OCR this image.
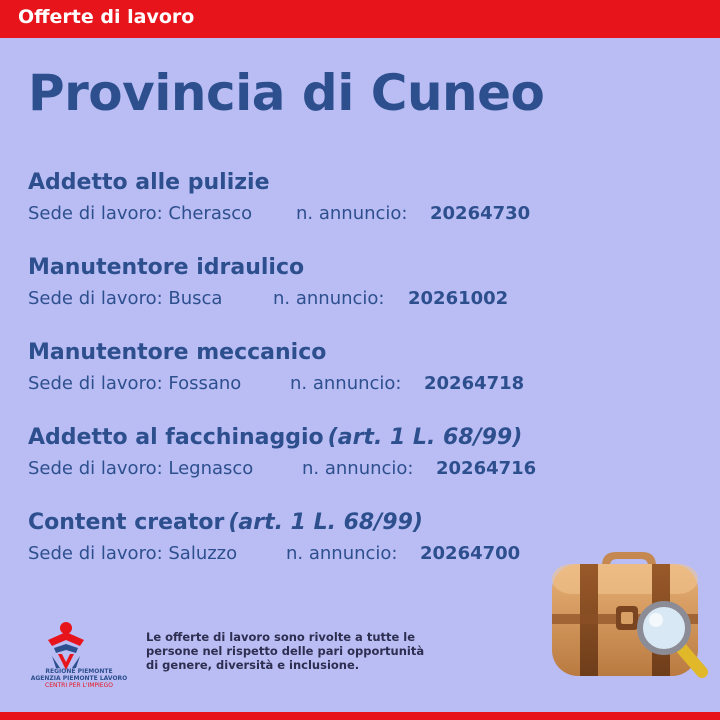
Offerte di lavoro
Provincia di Cuneo
Addetto alle pulizie
Sede di lavoro: Cherasco n. annuncio: 20264730
Manutentore idraulico
Sede di lavoro: Busca	n. annuncio: 20261002
Manutentore meccanico
Sede di lavoro: Fossano	n. annuncio: 20264718
Addetto al facchinaggio (art. 1 L. 68/99)
Sede di lavoro: Legnasco	n. annuncio: 20264716
Content creator (art. 1 L. 68/99)
Sede di lavoro: Saluzzo	n. annuncio: 20264700
REGIONE PIEMONTE
AGENZIA PIEMONTE LAVORO
CENTRI PER L'IMPIEGO
Le offerte di lavoro sono rivolte a tutte le persone nel rispetto delle pari opportunità di genere, diversità e inclusione.
